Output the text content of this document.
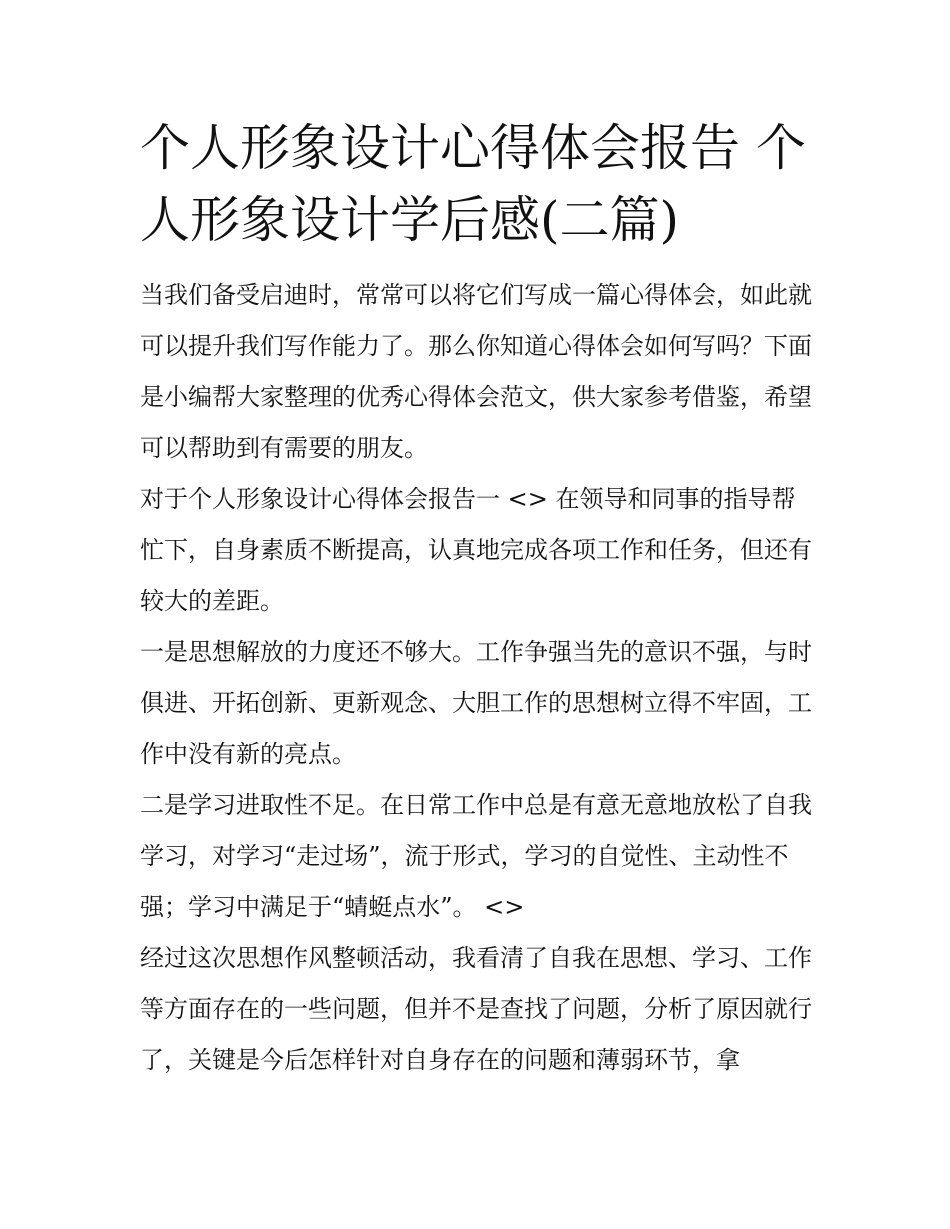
个人形象设计心得体会报告 个人形象设计学后感(二篇)

当我们备受启迪时，常常可以将它们写成一篇心得体会，如此就可以提升我们写作能力了。那么你知道心得体会如何写吗？下面是小编帮大家整理的优秀心得体会范文，供大家参考借鉴，希望可以帮助到有需要的朋友。

对于个人形象设计心得体会报告一 <> 在领导和同事的指导帮忙下，自身素质不断提高，认真地完成各项工作和任务，但还有较大的差距。

一是思想解放的力度还不够大。工作争强当先的意识不强，与时俱进、开拓创新、更新观念、大胆工作的思想树立得不牢固，工作中没有新的亮点。

二是学习进取性不足。在日常工作中总是有意无意地放松了自我学习，对学习“走过场”，流于形式，学习的自觉性、主动性不强；学习中满足于“蜻蜓点水”。 <>

经过这次思想作风整顿活动，我看清了自我在思想、学习、工作等方面存在的一些问题，但并不是查找了问题，分析了原因就行了，关键是今后怎样针对自身存在的问题和薄弱环节，拿
